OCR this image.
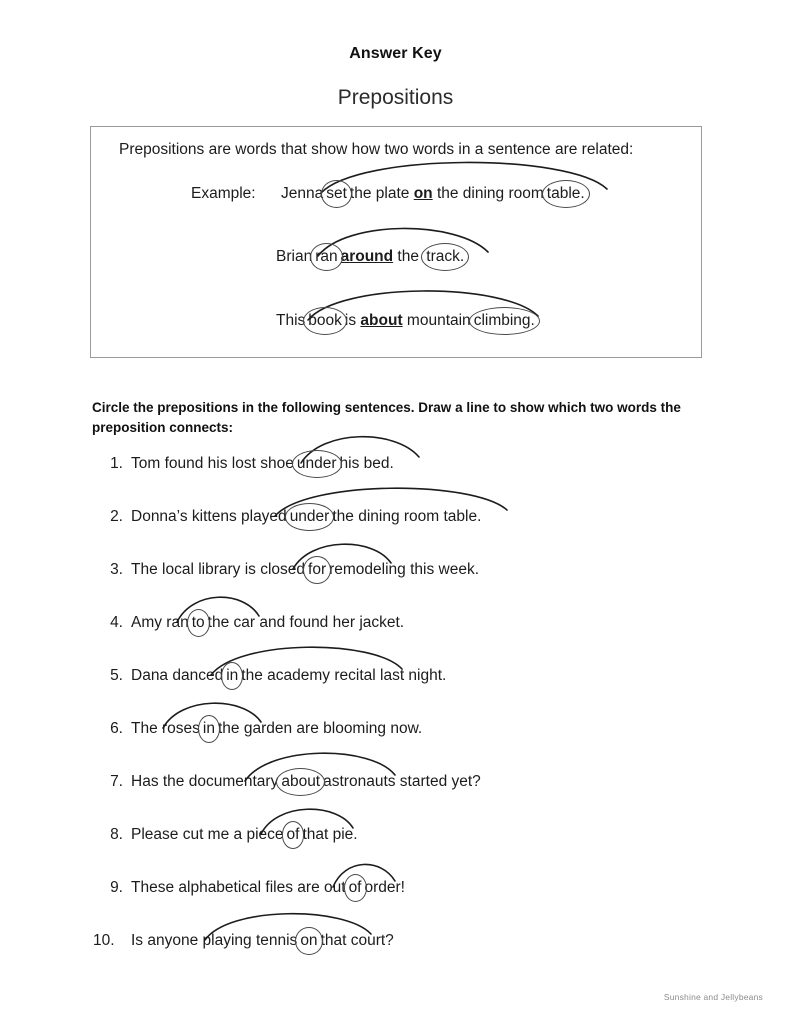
Answer Key
Prepositions
Prepositions are words that show how two words in a sentence are related:
Example: Jenna set the plate on the dining room table.
Brian ran around the
track.
This book is about mountain climbing.
Circle the prepositions in the following sentences. Draw a line to show which two words the preposition connects:
1. Tom found his lost shoe under his bed.
2. Donna’s kittens played under the dining room table.
3. The local library is closed for remodeling this week.
4. Amy ran to the car and found her jacket.
5. Dana danced in the academy recital last night.
6. The roses in the garden are blooming now.
7. Has the documentary about astronauts started yet?
8. Please cut me a piece of that pie.
9. These alphabetical files are out of order!
10. Is anyone playing tennis on that court?
Sunshine and Jellybeans
